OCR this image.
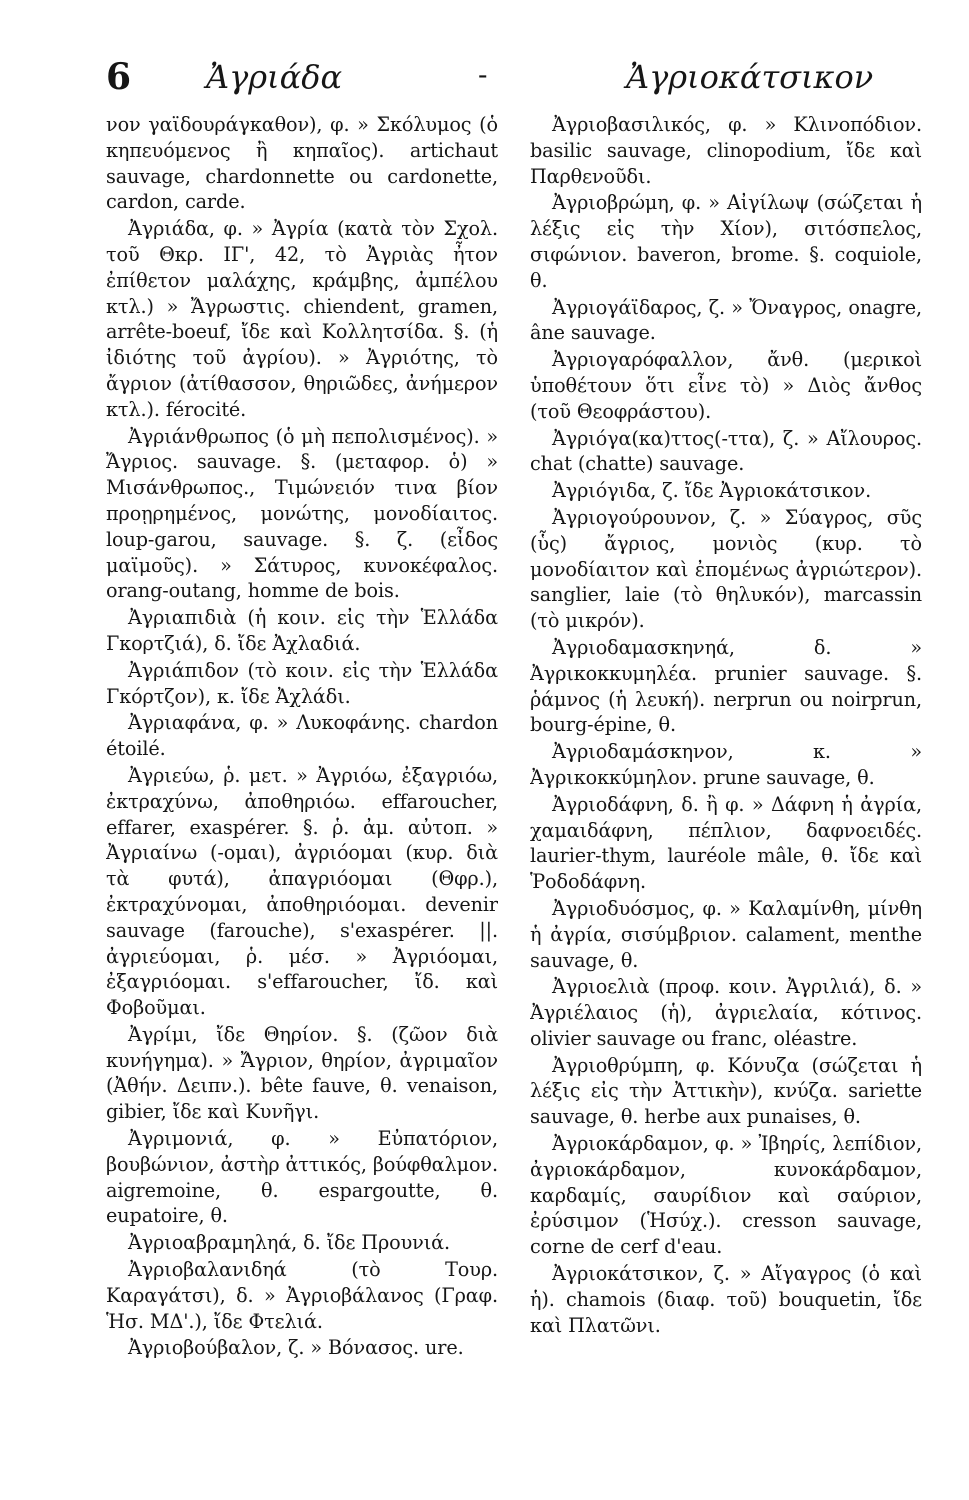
6 Ἀγριάδα	-	Ἀγριοκάτσικον

νον γαϊδουράγκαθον), φ. » Σκόλυμος (ὁ κηπευόμενος ἢ κηπαῖος). artichaut sauvage, chardonnette ou cardonette, cardon, carde.

Ἀγριάδα, φ. » Ἀγρία (κατὰ τὸν Σχολ. τοῦ Θκρ. ΙΓ', 42, τὸ Ἀγριὰς ἦτον ἐπίθετον μαλάχης, κράμβης, ἀμπέλου κτλ.) » Ἄγρωστις. chiendent, gramen, arrête-boeuf, ἴδε καὶ Κολλητσίδα. §. (ἡ ἰδιότης τοῦ ἀγρίου). » Ἀγριότης, τὸ ἄγριον (ἀτίθασσον, θηριῶδες, ἀνήμερον κτλ.). férocité.

Ἀγριάνθρωπος (ὁ μὴ πεπολισμένος). » Ἄγριος. sauvage. §. (μεταφορ. ὁ) » Μισάνθρωπος., Τιμώνειόν τινα βίον προῃρημένος, μονώτης, μονοδίαιτος. loup-garou, sauvage. §. ζ. (εἶδος μαϊμοῦς). » Σάτυρος, κυνοκέφαλος. orang-outang, homme de bois.

Ἀγριαπιδιὰ (ἡ κοιν. εἰς τὴν Ἑλλάδα Γκορτζιά), δ. ἴδε Ἀχλαδιά.

Ἀγριάπιδον (τὸ κοιν. εἰς τὴν Ἑλλάδα Γκόρτζον), κ. ἴδε Ἀχλάδι.

Ἀγριαφάνα, φ. » Λυκοφάνης. chardon étoilé.

Ἀγριεύω, ῥ. μετ. » Ἀγριόω, ἐξαγριόω, ἐκτραχύνω, ἀποθηριόω. effaroucher, effarer, exaspérer. §. ῥ. ἀμ. αὐτοπ. » Ἀγριαίνω (-ομαι), ἀγριόομαι (κυρ. διὰ τὰ φυτά), ἀπαγριόομαι (Θφρ.), ἐκτραχύνομαι, ἀποθηριόομαι. devenir sauvage (farouche), s'exaspérer. ||. ἀγριεύομαι, ῥ. μέσ. » Ἀγριόομαι, ἐξαγριόομαι. s'effaroucher, ἴδ. καὶ Φοβοῦμαι.

Ἀγρίμι, ἴδε Θηρίον. §. (ζῶον διὰ κυνήγημα). » Ἄγριον, θηρίον, ἀγριμαῖον (Ἀθήν. Δειπν.). bête fauve, θ. venaison, gibier, ἴδε καὶ Κυνῆγι.

Ἀγριμονιά, φ. » Εὐπατόριον, βουβώνιον, ἀστὴρ ἀττικός, βούφθαλμον. aigremoine, θ. espargoutte, θ. eupatoire, θ.

Ἀγριοαβραμηληά, δ. ἴδε Προυνιά.

Ἀγριοβαλανιδηά (τὸ Τουρ. Καραγάτσι), δ. » Ἀγριοβάλανος (Γραφ. Ἡσ. ΜΔ'.), ἴδε Φτελιά.

Ἀγριοβούβαλον, ζ. » Βόνασος. ure.

Ἀγριοβασιλικός, φ. » Κλινοπόδιον. basilic sauvage, clinopodium, ἴδε καὶ Παρθενοῦδι.

Ἀγριοβρώμη, φ. » Αἰγίλωψ (σώζεται ἡ λέξις εἰς τὴν Χίον), σιτόσπελος, σιφώνιον. baveron, brome. §. coquiole, θ.

Ἀγριογάϊδαρος, ζ. » Ὄναγρος, onagre, âne sauvage.

Ἀγριογαρόφαλλον, ἄνθ. (μερικοὶ ὑποθέτουν ὅτι εἶνε τὸ) » Διὸς ἄνθος (τοῦ Θεοφράστου).

Ἀγριόγα(κα)ττος(-ττα), ζ. » Αἴλουρος. chat (chatte) sauvage.

Ἀγριόγιδα, ζ. ἴδε Ἀγριοκάτσικον.

Ἀγριογούρουνον, ζ. » Σύαγρος, σῦς (ὗς) ἄγριος, μονιὸς (κυρ. τὸ μονοδίαιτον καὶ ἐπομένως ἀγριώτερον). sanglier, laie (τὸ θηλυκόν), marcassin (τὸ μικρόν).

Ἀγριοδαμασκηνηά, δ. » Ἀγρικοκκυμηλέα. prunier sauvage. §. ῥάμνος (ἡ λευκή). nerprun ou noirprun, bourg-épine, θ.

Ἀγριοδαμάσκηνον, κ. » Ἀγρικοκκύμηλον. prune sauvage, θ.

Ἀγριοδάφνη, δ. ἢ φ. » Δάφνη ἡ ἀγρία, χαμαιδάφνη, πέπλιον, δαφνοειδές. laurier-thym, lauréole mâle, θ. ἴδε καὶ Ῥοδοδάφνη.

Ἀγριοδυόσμος, φ. » Καλαμίνθη, μίνθη ἡ ἀγρία, σισύμβριον. calament, menthe sauvage, θ.

Ἀγριοελιὰ (προφ. κοιν. Ἀγριλιά), δ. » Ἀγριέλαιος (ἡ), ἀγριελαία, κότινος. olivier sauvage ou franc, oléastre.

Ἀγριοθρύμπη, φ. Κόνυζα (σώζεται ἡ λέξις εἰς τὴν Ἀττικὴν), κνύζα. sariette sauvage, θ. herbe aux punaises, θ.

Ἀγριοκάρδαμον, φ. » Ἰβηρίς, λεπίδιον, ἀγριοκάρδαμον, κυνοκάρδαμον, καρδαμίς, σαυρίδιον καὶ σαύριον, ἐρύσιμον (Ἡσύχ.). cresson sauvage, corne de cerf d'eau.

Ἀγριοκάτσικον, ζ. » Αἴγαγρος (ὁ καὶ ἡ). chamois (διαφ. τοῦ) bouquetin, ἴδε καὶ Πλατῶνι.
